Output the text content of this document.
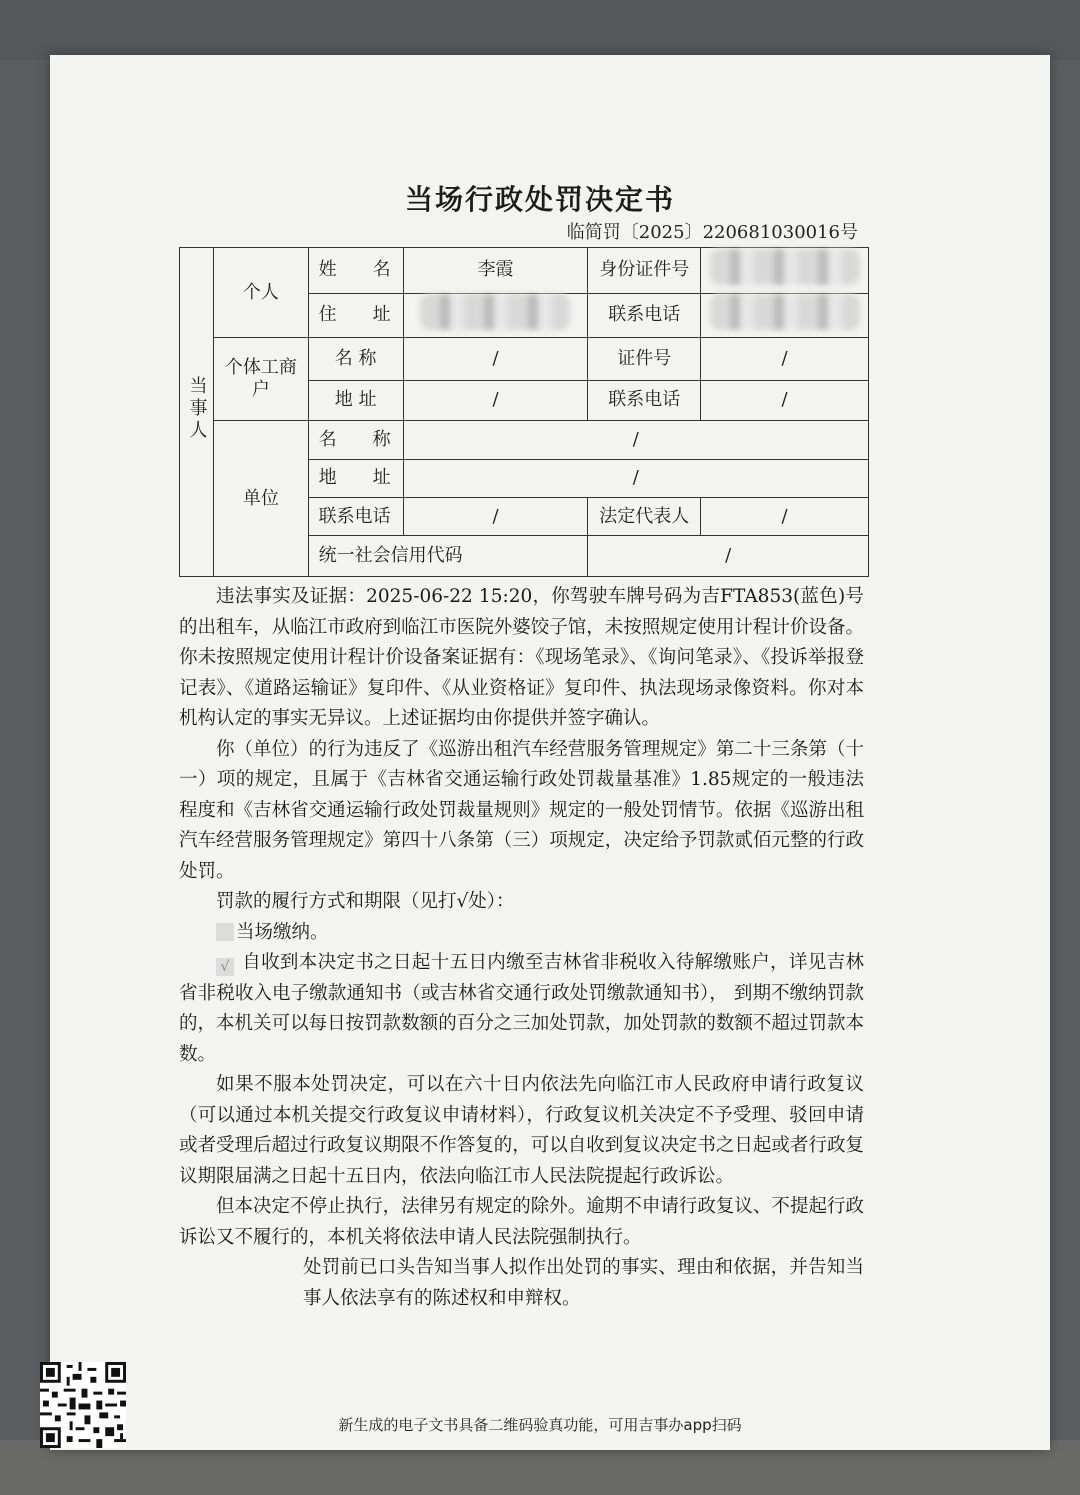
当场行政处罚决定书
临简罚〔2025〕220681030016号
当事人	个人	姓　　名	李霞	身份证件号	
		住　　址		联系电话	
	个体工商户	名 称	/	证件号	/
		地 址	/	联系电话	/
	单位	名　　称	/		
		地　　址	/		
		联系电话	/	法定代表人	/
		统一社会信用代码		/	

违法事实及证据：2025-06-22 15:20，你驾驶车牌号码为吉FTA853(蓝色)号的出租车，从临江市政府到临江市医院外婆饺子馆，未按照规定使用计程计价设备。你未按照规定使用计程计价设备案证据有：《现场笔录》、《询问笔录》、《投诉举报登记表》、《道路运输证》复印件、《从业资格证》复印件、执法现场录像资料。你对本机构认定的事实无异议。上述证据均由你提供并签字确认。

你（单位）的行为违反了《巡游出租汽车经营服务管理规定》第二十三条第（十一）项的规定，且属于《吉林省交通运输行政处罚裁量基准》1.85规定的一般违法程度和《吉林省交通运输行政处罚裁量规则》规定的一般处罚情节。依据《巡游出租汽车经营服务管理规定》第四十八条第（三）项规定，决定给予罚款贰佰元整的行政处罚。

罚款的履行方式和期限（见打√处）：

当场缴纳。

√ 自收到本决定书之日起十五日内缴至吉林省非税收入待解缴账户，详见吉林省非税收入电子缴款通知书（或吉林省交通行政处罚缴款通知书）， 到期不缴纳罚款的，本机关可以每日按罚款数额的百分之三加处罚款，加处罚款的数额不超过罚款本数。

如果不服本处罚决定，可以在六十日内依法先向临江市人民政府申请行政复议（可以通过本机关提交行政复议申请材料），行政复议机关决定不予受理、驳回申请或者受理后超过行政复议期限不作答复的，可以自收到复议决定书之日起或者行政复议期限届满之日起十五日内，依法向临江市人民法院提起行政诉讼。

但本决定不停止执行，法律另有规定的除外。逾期不申请行政复议、不提起行政诉讼又不履行的，本机关将依法申请人民法院强制执行。

处罚前已口头告知当事人拟作出处罚的事实、理由和依据，并告知当事人依法享有的陈述权和申辩权。

新生成的电子文书具备二维码验真功能，可用吉事办app扫码
